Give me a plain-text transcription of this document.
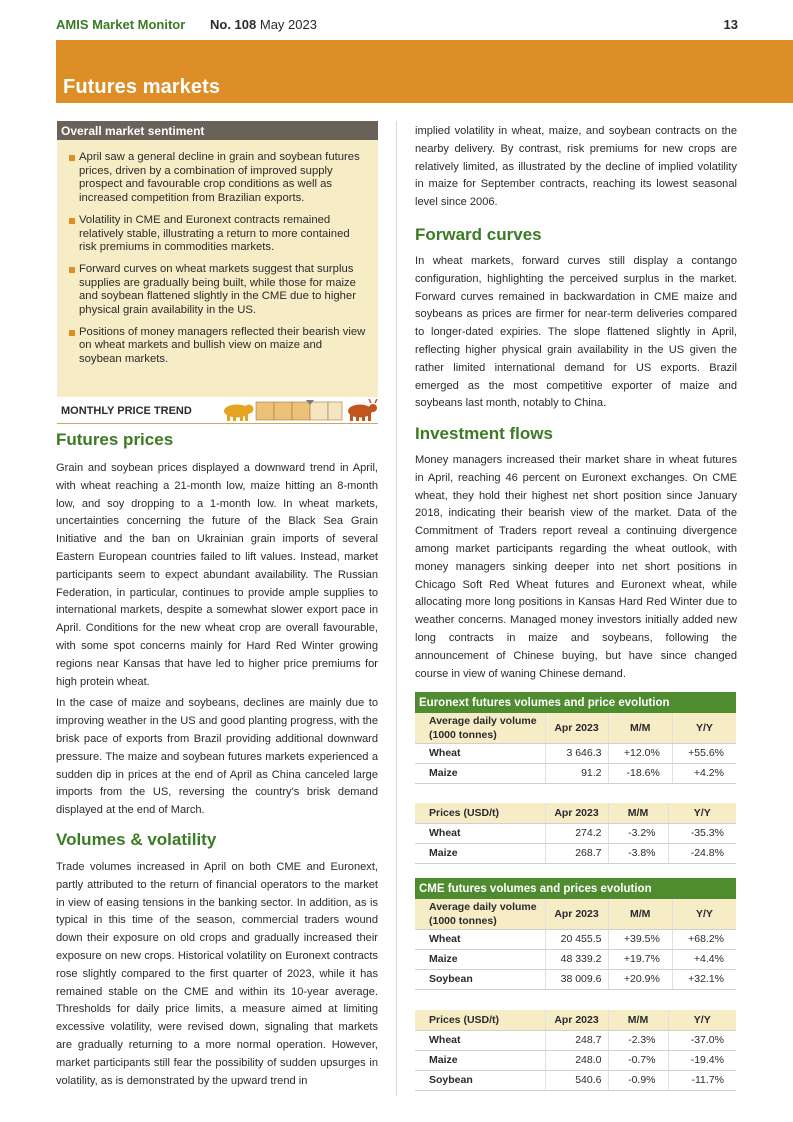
AMIS Market Monitor No. 108 May 2023	13
Futures markets
Overall market sentiment
April saw a general decline in grain and soybean futures prices, driven by a combination of improved supply prospect and favourable crop conditions as well as increased competition from Brazilian exports.
Volatility in CME and Euronext contracts remained relatively stable, illustrating a return to more contained risk premiums in commodities markets.
Forward curves on wheat markets suggest that surplus supplies are gradually being built, while those for maize and soybean flattened slightly in the CME due to higher physical grain availability in the US.
Positions of money managers reflected their bearish view on wheat markets and bullish view on maize and soybean markets.
MONTHLY PRICE TREND
Futures prices

Grain and soybean prices displayed a downward trend in April, with wheat reaching a 21-month low, maize hitting an 8-month low, and soy dropping to a 1-month low. In wheat markets, uncertainties concerning the future of the Black Sea Grain Initiative and the ban on Ukrainian grain imports of several Eastern European countries failed to lift values. Instead, market participants seem to expect abundant availability. The Russian Federation, in particular, continues to provide ample supplies to international markets, despite a somewhat slower export pace in April. Conditions for the new wheat crop are overall favourable, with some spot concerns mainly for Hard Red Winter growing regions near Kansas that have led to higher price premiums for high protein wheat.

In the case of maize and soybeans, declines are mainly due to improving weather in the US and good planting progress, with the brisk pace of exports from Brazil providing additional downward pressure. The maize and soybean futures markets experienced a sudden dip in prices at the end of April as China canceled large imports from the US, reversing the country's brisk demand displayed at the end of March.

Volumes & volatility

Trade volumes increased in April on both CME and Euronext, partly attributed to the return of financial operators to the market in view of easing tensions in the banking sector. In addition, as is typical in this time of the season, commercial traders wound down their exposure on old crops and gradually increased their exposure on new crops. Historical volatility on Euronext contracts rose slightly compared to the first quarter of 2023, while it has remained stable on the CME and within its 10-year average. Thresholds for daily price limits, a measure aimed at limiting excessive volatility, were revised down, signaling that markets are gradually returning to a more normal operation. However, market participants still fear the possibility of sudden upsurges in volatility, as is demonstrated by the upward trend in

implied volatility in wheat, maize, and soybean contracts on the nearby delivery. By contrast, risk premiums for new crops are relatively limited, as illustrated by the decline of implied volatility in maize for September contracts, reaching its lowest seasonal level since 2006.

Forward curves

In wheat markets, forward curves still display a contango configuration, highlighting the perceived surplus in the market. Forward curves remained in backwardation in CME maize and soybeans as prices are firmer for near-term deliveries compared to longer-dated expiries. The slope flattened slightly in April, reflecting higher physical grain availability in the US given the rather limited international demand for US exports. Brazil emerged as the most competitive exporter of maize and soybeans last month, notably to China.

Investment flows

Money managers increased their market share in wheat futures in April, reaching 46 percent on Euronext exchanges. On CME wheat, they hold their highest net short position since January 2018, indicating their bearish view of the market. Data of the Commitment of Traders report reveal a continuing divergence among market participants regarding the wheat outlook, with money managers sinking deeper into net short positions in Chicago Soft Red Wheat futures and Euronext wheat, while allocating more long positions in Kansas Hard Red Winter due to weather concerns. Managed money investors initially added new long contracts in maize and soybeans, following the announcement of Chinese buying, but have since changed course in view of waning Chinese demand.

Euronext futures volumes and price evolution			
Average daily volume (1000 tonnes)	Apr 2023	M/M	Y/Y
Wheat	3 646.3	+12.0%	+55.6%
Maize	91.2	-18.6%	+4.2%
Prices (USD/t)	Apr 2023	M/M	Y/Y
Wheat	274.2	-3.2%	-35.3%
Maize	268.7	-3.8%	-24.8%
CME futures volumes and prices evolution			
Average daily volume (1000 tonnes)	Apr 2023	M/M	Y/Y
Wheat	20 455.5	+39.5%	+68.2%
Maize	48 339.2	+19.7%	+4.4%
Soybean	38 009.6	+20.9%	+32.1%
Prices (USD/t)	Apr 2023	M/M	Y/Y
Wheat	248.7	-2.3%	-37.0%
Maize	248.0	-0.7%	-19.4%
Soybean	540.6	-0.9%	-11.7%
